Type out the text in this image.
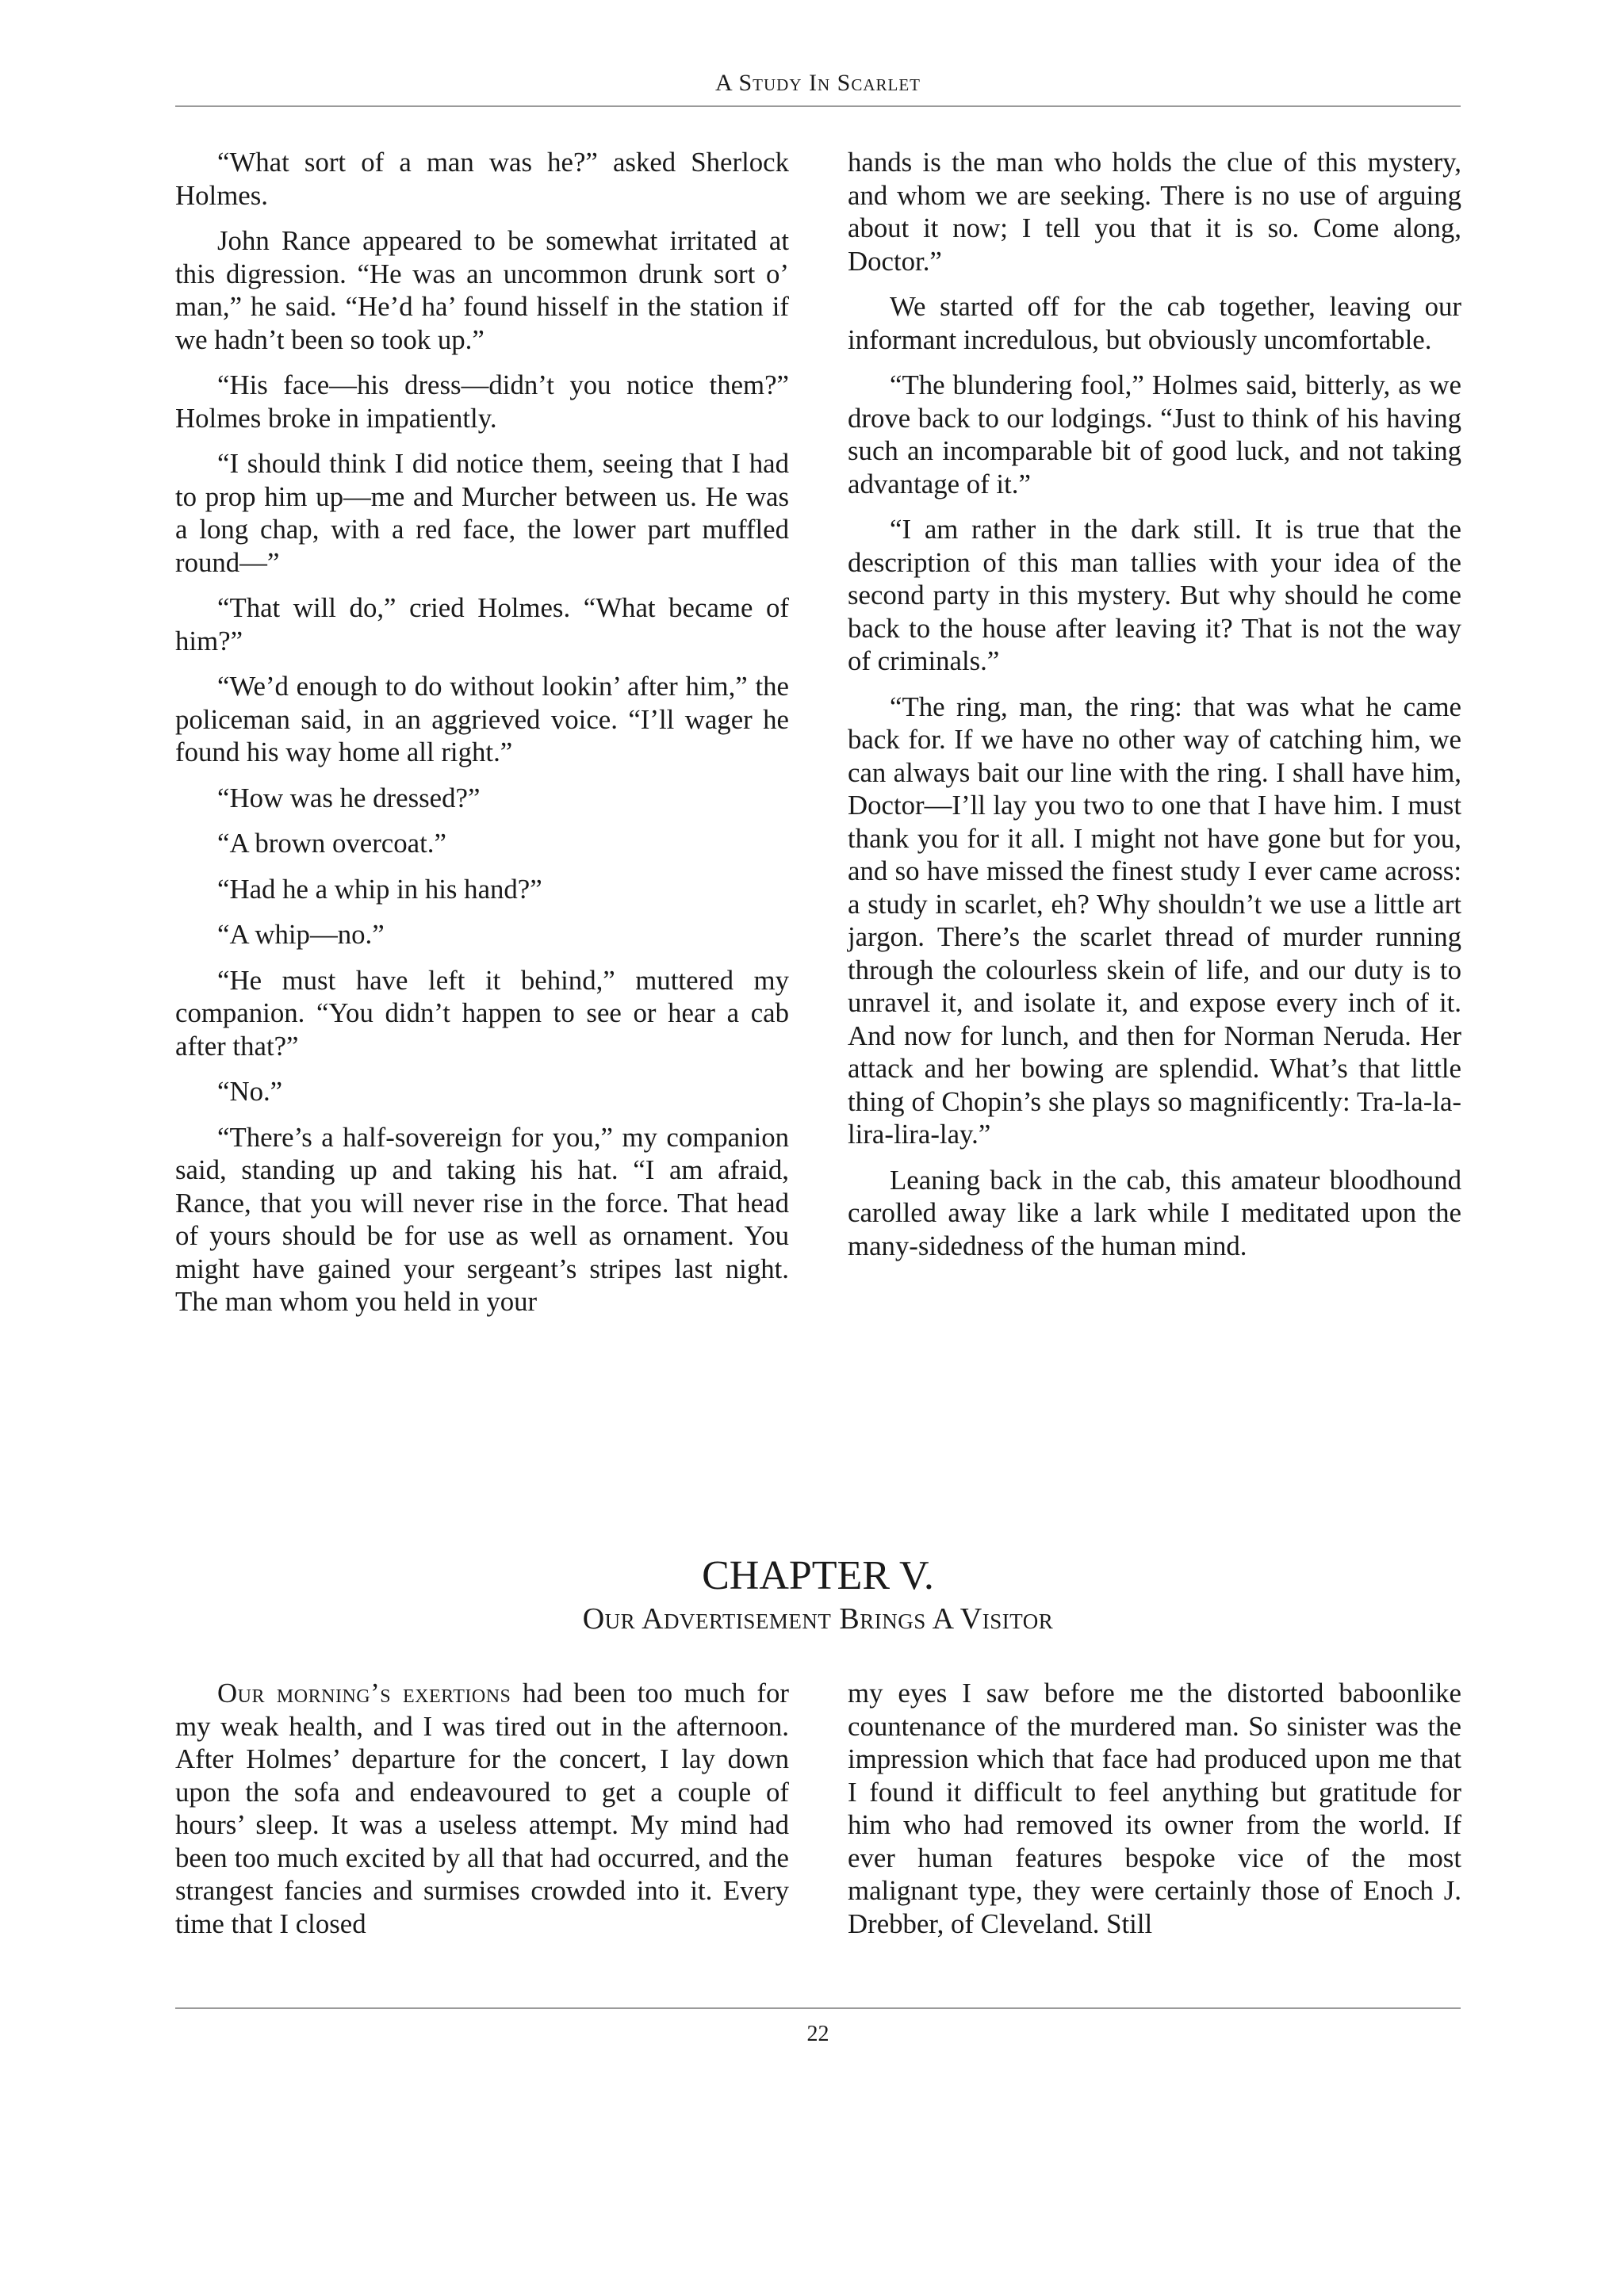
A Study In Scarlet

“What sort of a man was he?” asked Sherlock Holmes.

John Rance appeared to be somewhat irritated at this digression. “He was an uncommon drunk sort o’ man,” he said. “He’d ha’ found hisself in the station if we hadn’t been so took up.”

“His face—his dress—didn’t you notice them?” Holmes broke in impatiently.

“I should think I did notice them, seeing that I had to prop him up—me and Murcher between us. He was a long chap, with a red face, the lower part muffled round—”

“That will do,” cried Holmes. “What became of him?”

“We’d enough to do without lookin’ after him,” the policeman said, in an aggrieved voice. “I’ll wager he found his way home all right.”

“How was he dressed?”

“A brown overcoat.”

“Had he a whip in his hand?”

“A whip—no.”

“He must have left it behind,” muttered my companion. “You didn’t happen to see or hear a cab after that?”

“No.”

“There’s a half-sovereign for you,” my companion said, standing up and taking his hat. “I am afraid, Rance, that you will never rise in the force. That head of yours should be for use as well as ornament. You might have gained your sergeant’s stripes last night. The man whom you held in your

hands is the man who holds the clue of this mystery, and whom we are seeking. There is no use of arguing about it now; I tell you that it is so. Come along, Doctor.”

We started off for the cab together, leaving our informant incredulous, but obviously uncomfortable.

“The blundering fool,” Holmes said, bitterly, as we drove back to our lodgings. “Just to think of his having such an incomparable bit of good luck, and not taking advantage of it.”

“I am rather in the dark still. It is true that the description of this man tallies with your idea of the second party in this mystery. But why should he come back to the house after leaving it? That is not the way of criminals.”

“The ring, man, the ring: that was what he came back for. If we have no other way of catching him, we can always bait our line with the ring. I shall have him, Doctor—I’ll lay you two to one that I have him. I must thank you for it all. I might not have gone but for you, and so have missed the finest study I ever came across: a study in scarlet, eh? Why shouldn’t we use a little art jargon. There’s the scarlet thread of murder running through the colourless skein of life, and our duty is to unravel it, and isolate it, and expose every inch of it. And now for lunch, and then for Norman Neruda. Her attack and her bowing are splendid. What’s that little thing of Chopin’s she plays so magnificently: Tra-la-la-lira-lira-lay.”

Leaning back in the cab, this amateur bloodhound carolled away like a lark while I meditated upon the many-sidedness of the human mind.

CHAPTER V.
Our Advertisement Brings A Visitor

Our morning’s exertions had been too much for my weak health, and I was tired out in the afternoon. After Holmes’ departure for the concert, I lay down upon the sofa and endeavoured to get a couple of hours’ sleep. It was a useless attempt. My mind had been too much excited by all that had occurred, and the strangest fancies and surmises crowded into it. Every time that I closed

my eyes I saw before me the distorted baboonlike countenance of the murdered man. So sinister was the impression which that face had produced upon me that I found it difficult to feel anything but gratitude for him who had removed its owner from the world. If ever human features bespoke vice of the most malignant type, they were certainly those of Enoch J. Drebber, of Cleveland. Still

22
